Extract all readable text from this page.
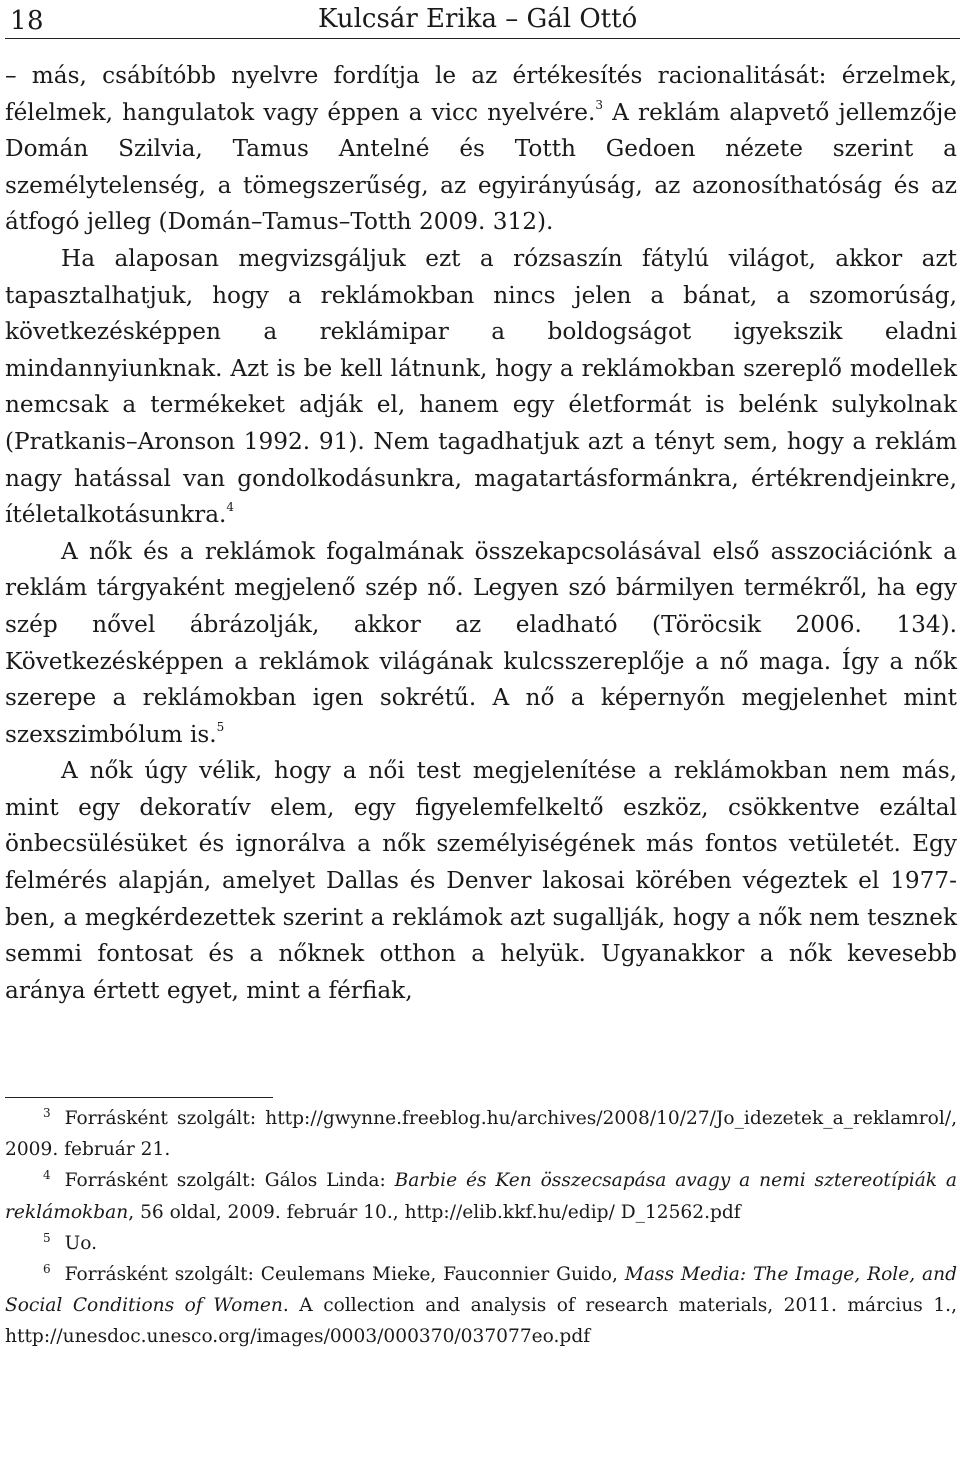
18	Kulcsár Erika – Gál Ottó

– más, csábítóbb nyelvre fordítja le az értékesítés racionalitását: érzelmek, félelmek, hangulatok vagy éppen a vicc nyelvére.$^3$ A reklám alapvető jellemzője Domán Szilvia, Tamus Antelné és Totth Gedoen nézete szerint a személytelenség, a tömegszerűség, az egyirányúság, az azonosíthatóság és az átfogó jelleg (Domán–Tamus–Totth 2009. 312).

Ha alaposan megvizsgáljuk ezt a rózsaszín fátylú világot, akkor azt tapasztalhatjuk, hogy a reklámokban nincs jelen a bánat, a szomorúság, következésképpen a reklámipar a boldogságot igyekszik eladni mindannyiunknak. Azt is be kell látnunk, hogy a reklámokban szereplő modellek nemcsak a termékeket adják el, hanem egy életformát is belénk sulykolnak (Pratkanis–Aronson 1992. 91). Nem tagadhatjuk azt a tényt sem, hogy a reklám nagy hatással van gondolkodásunkra, magatartásformánkra, értékrendjeinkre, ítéletalkotásunkra.$^4$

A nők és a reklámok fogalmának összekapcsolásával első asszociációnk a reklám tárgyaként megjelenő szép nő. Legyen szó bármilyen termékről, ha egy szép nővel ábrázolják, akkor az eladható (Töröcsik 2006. 134). Következésképpen a reklámok világának kulcsszereplője a nő maga. Így a nők szerepe a reklámokban igen sokrétű. A nő a képernyőn megjelenhet mint szexszimbólum is.$^5$

A nők úgy vélik, hogy a női test megjelenítése a reklámokban nem más, mint egy dekoratív elem, egy figyelemfelkeltő eszköz, csökkentve ezáltal önbecsülésüket és ignorálva a nők személyiségének más fontos vetületét. Egy felmérés alapján, amelyet Dallas és Denver lakosai körében végeztek el 1977-ben, a megkérdezettek szerint a reklámok azt sugallják, hogy a nők nem tesznek semmi fontosat és a nőknek otthon a helyük. Ugyanakkor a nők kevesebb aránya értett egyet, mint a férfiak,

$^3$ Forrásként szolgált: http://gwynne.freeblog.hu/archives/2008/10/27/Jo_idezetek_a_reklamrol/, 2009. február 21.

$^4$ Forrásként szolgált: Gálos Linda: Barbie és Ken összecsapása avagy a nemi sztereotípiák a reklámokban, 56 oldal, 2009. február 10., http://elib.kkf.hu/edip/ D_12562.pdf

$^5$ Uo.

$^6$ Forrásként szolgált: Ceulemans Mieke, Fauconnier Guido, Mass Media: The Image, Role, and Social Conditions of Women. A collection and analysis of research materials, 2011. március 1., http://unesdoc.unesco.org/images/0003/000370/037077eo.pdf
